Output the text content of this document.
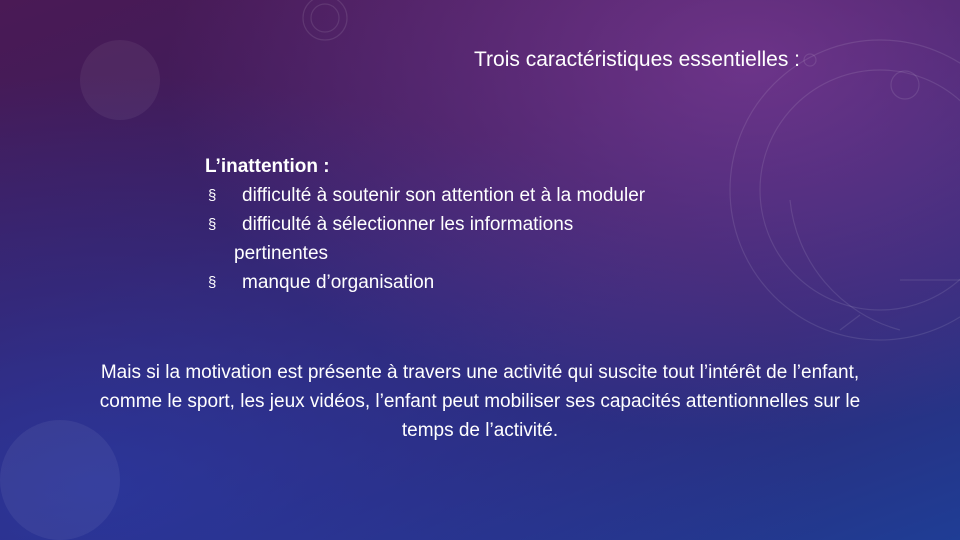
Trois caractéristiques essentielles :
L’inattention :
§ difficulté à soutenir son attention et à la moduler
§ difficulté à sélectionner les informations
pertinentes
§ manque d’organisation
Mais si la motivation est présente à travers une activité qui suscite tout l’intérêt de l’enfant,
comme le sport, les jeux vidéos, l’enfant peut mobiliser ses capacités attentionnelles sur le
temps de l’activité.
